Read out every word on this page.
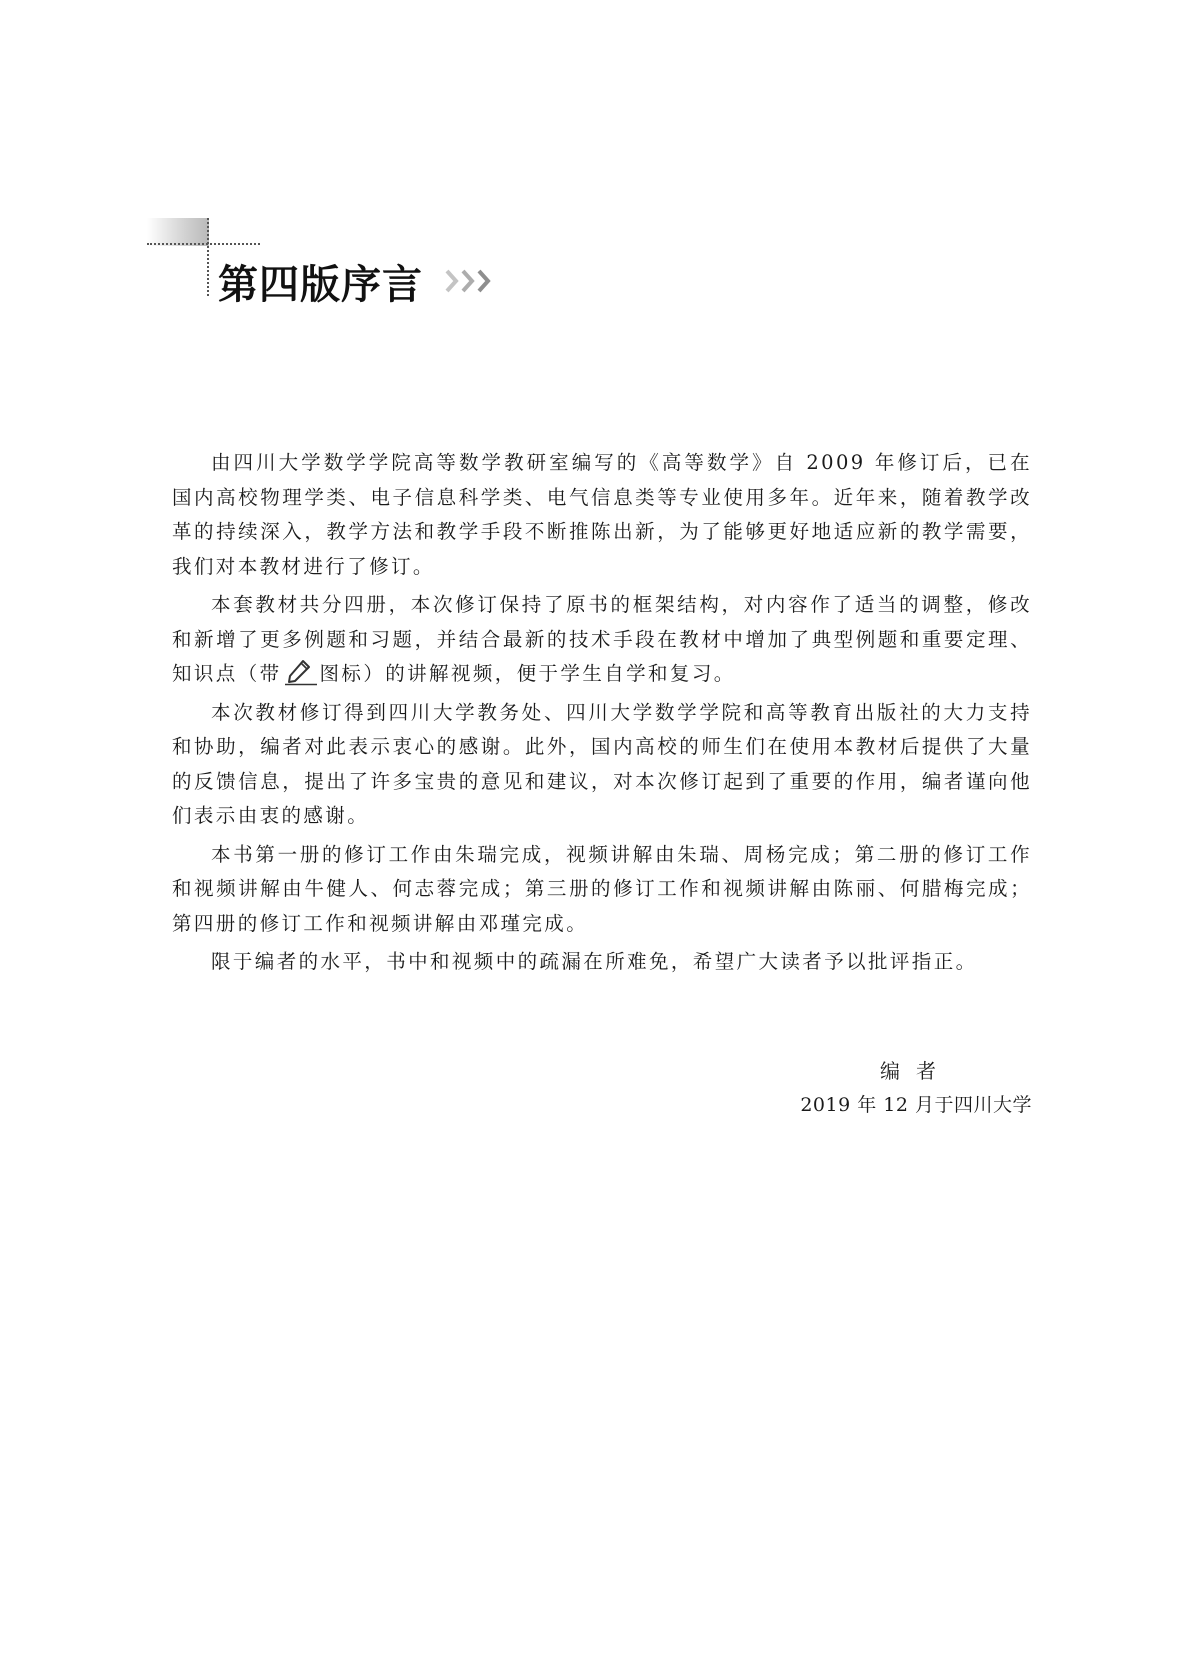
第四版序言

由四川大学数学学院高等数学教研室编写的《高等数学》自 2009 年修订后，已在国内高校物理学类、电子信息科学类、电气信息类等专业使用多年。近年来，随着教学改革的持续深入，教学方法和教学手段不断推陈出新，为了能够更好地适应新的教学需要，我们对本教材进行了修订。

本套教材共分四册，本次修订保持了原书的框架结构，对内容作了适当的调整，修改和新增了更多例题和习题，并结合最新的技术手段在教材中增加了典型例题和重要定理、知识点（带 图标）的讲解视频，便于学生自学和复习。

本次教材修订得到四川大学教务处、四川大学数学学院和高等教育出版社的大力支持和协助，编者对此表示衷心的感谢。此外，国内高校的师生们在使用本教材后提供了大量的反馈信息，提出了许多宝贵的意见和建议，对本次修订起到了重要的作用，编者谨向他们表示由衷的感谢。

本书第一册的修订工作由朱瑞完成，视频讲解由朱瑞、周杨完成；第二册的修订工作和视频讲解由牛健人、何志蓉完成；第三册的修订工作和视频讲解由陈丽、何腊梅完成；第四册的修订工作和视频讲解由邓瑾完成。

限于编者的水平，书中和视频中的疏漏在所难免，希望广大读者予以批评指正。

编者
2019 年 12 月于四川大学
